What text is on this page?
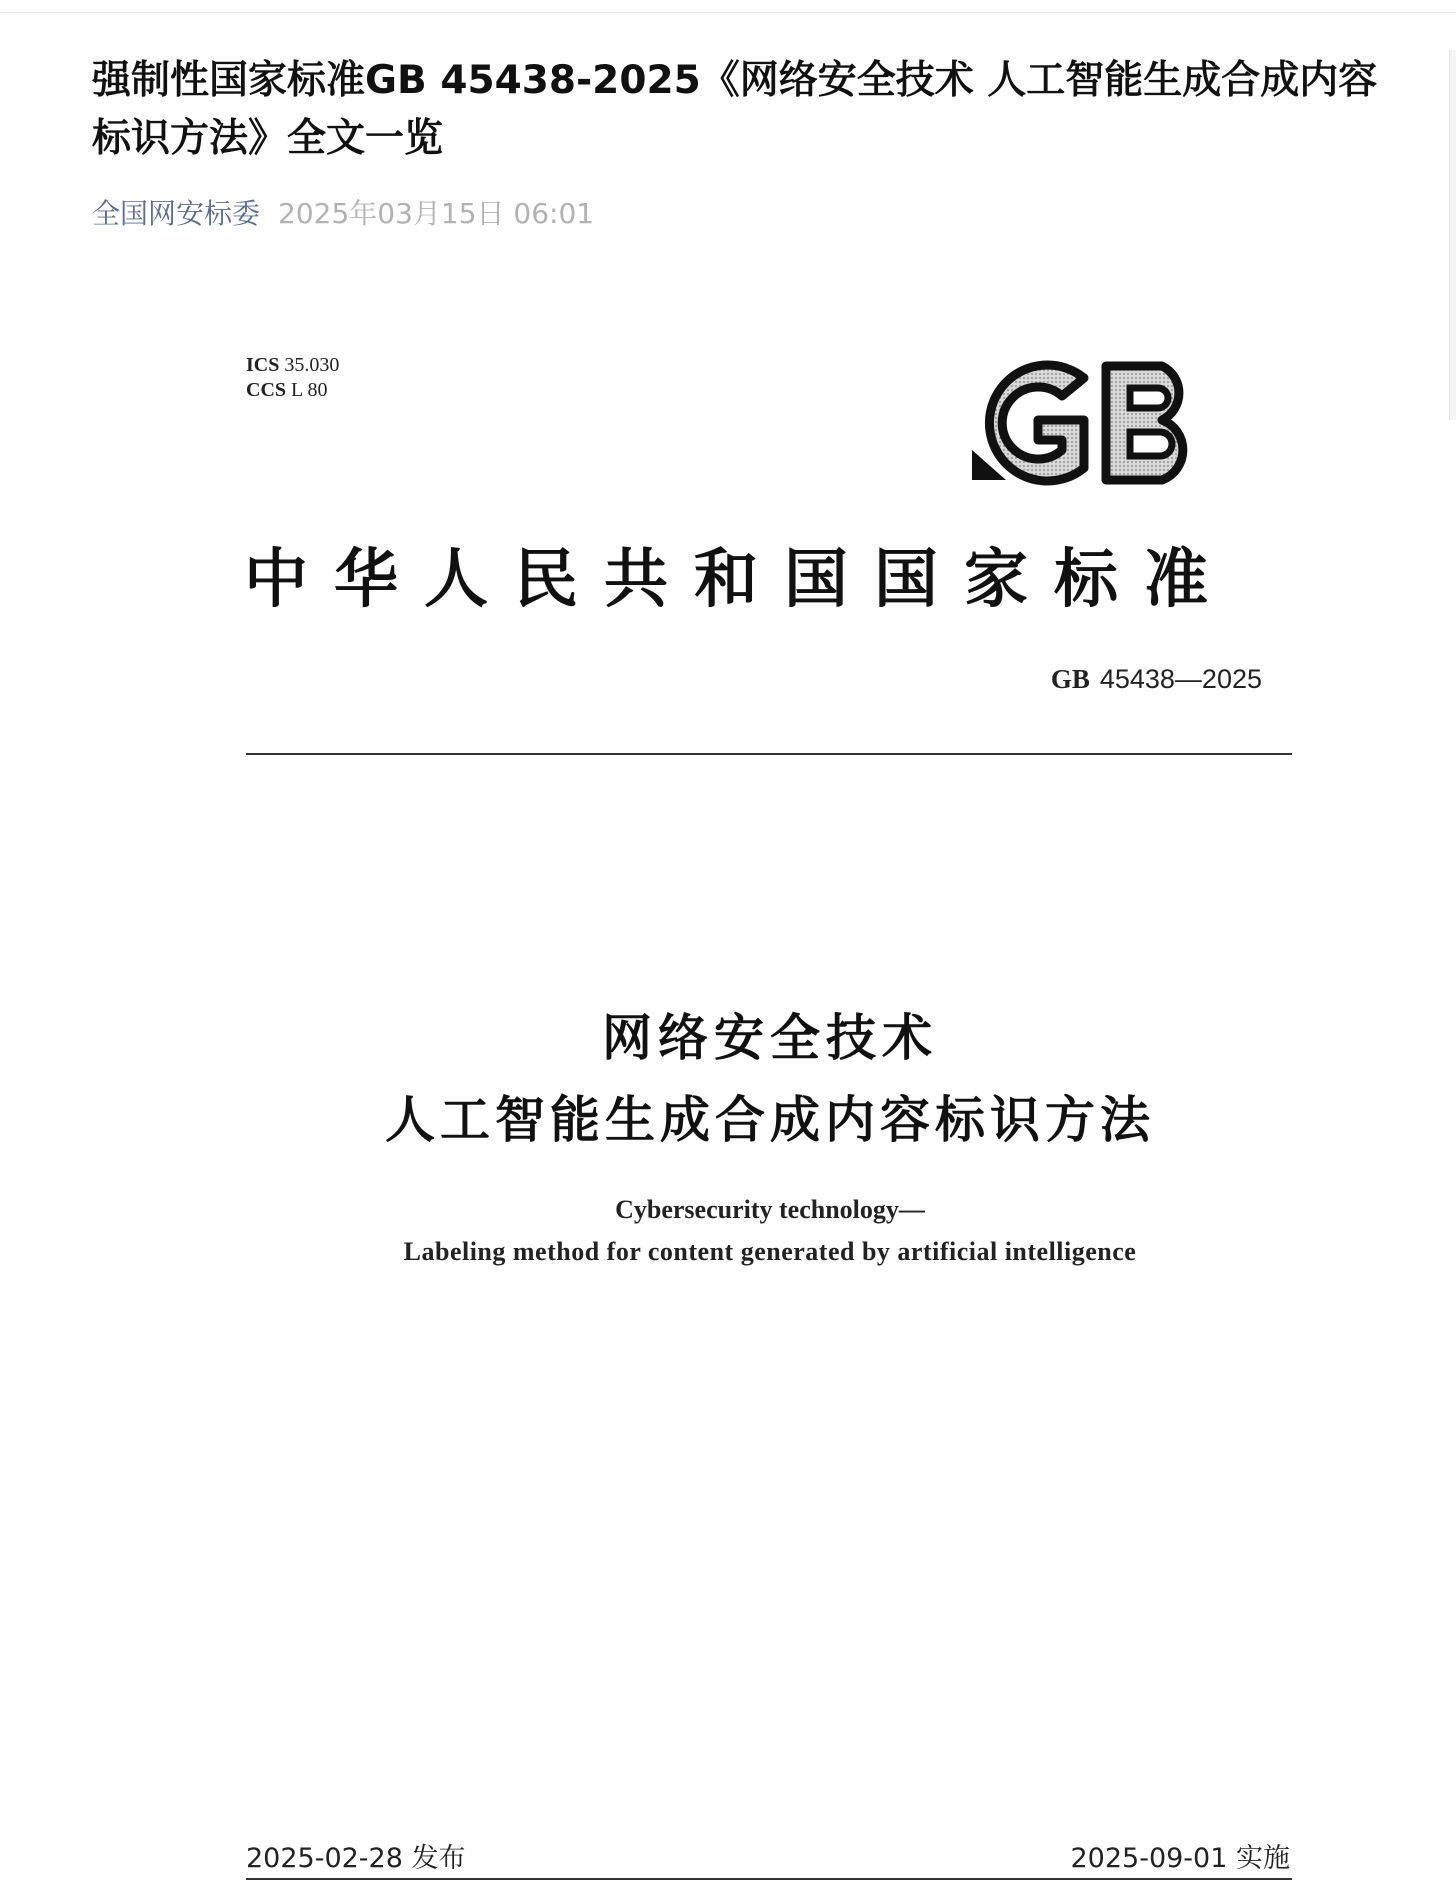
强制性国家标准GB 45438-2025《网络安全技术 人工智能生成合成内容标识方法》全文一览
全国网安标委 2025年03月15日 06:01
ICS 35.030
CCS L 80
中华人民共和国国家标准
GB 45438—2025
网络安全技术
人工智能生成合成内容标识方法
Cybersecurity technology—
Labeling method for content generated by artificial intelligence
2025-02-28 发布	2025-09-01 实施
